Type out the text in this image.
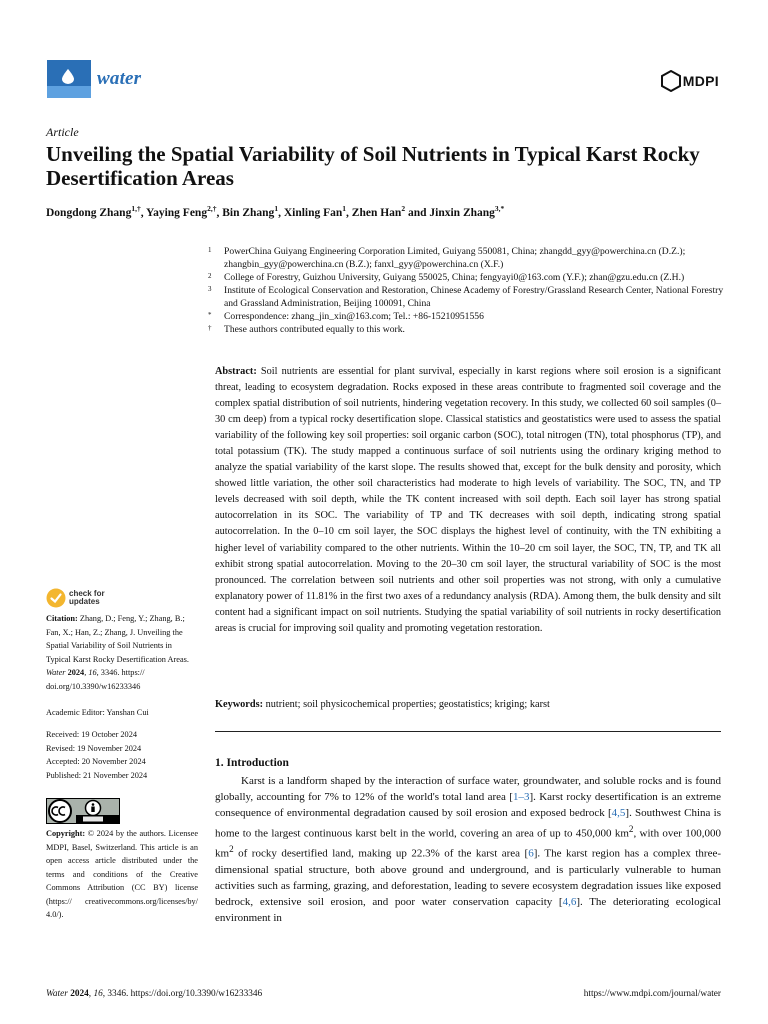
water	MDPI
Article
Unveiling the Spatial Variability of Soil Nutrients in Typical Karst Rocky Desertification Areas
Dongdong Zhang$^{1,\dagger}$, Yaying Feng$^{2,\dagger}$, Bin Zhang$^1$, Xinling Fan$^1$, Zhen Han$^2$ and Jinxin Zhang$^{3,*}$
1	PowerChina Guiyang Engineering Corporation Limited, Guiyang 550081, China; zhangdd_gyy@powerchina.cn (D.Z.); zhangbin_gyy@powerchina.cn (B.Z.); fanxl_gyy@powerchina.cn (X.F.)
2	College of Forestry, Guizhou University, Guiyang 550025, China; fengyayi0@163.com (Y.F.); zhan@gzu.edu.cn (Z.H.)
3	Institute of Ecological Conservation and Restoration, Chinese Academy of Forestry/Grassland Research Center, National Forestry and Grassland Administration, Beijing 100091, China
*	Correspondence: zhang_jin_xin@163.com; Tel.: +86-15210951556
†	These authors contributed equally to this work.
check for
updates
Citation: Zhang, D.; Feng, Y.; Zhang, B.; Fan, X.; Han, Z.; Zhang, J. Unveiling the Spatial Variability of Soil Nutrients in Typical Karst Rocky Desertification Areas. Water 2024, 16, 3346. https:// doi.org/10.3390/w16233346
Academic Editor: Yanshan Cui
Received: 19 October 2024
Revised: 19 November 2024
Accepted: 20 November 2024
Published: 21 November 2024
Copyright: © 2024 by the authors. Licensee MDPI, Basel, Switzerland. This article is an open access article distributed under the terms and conditions of the Creative Commons Attribution (CC BY) license (https:// creativecommons.org/licenses/by/ 4.0/).
Abstract: Soil nutrients are essential for plant survival, especially in karst regions where soil erosion is a significant threat, leading to ecosystem degradation. Rocks exposed in these areas contribute to fragmented soil coverage and the complex spatial distribution of soil nutrients, hindering vegetation recovery. In this study, we collected 60 soil samples (0–30 cm deep) from a typical rocky desertification slope. Classical statistics and geostatistics were used to assess the spatial variability of the following key soil properties: soil organic carbon (SOC), total nitrogen (TN), total phosphorus (TP), and total potassium (TK). The study mapped a continuous surface of soil nutrients using the ordinary kriging method to analyze the spatial variability of the karst slope. The results showed that, except for the bulk density and porosity, which showed little variation, the other soil characteristics had moderate to high levels of variability. The SOC, TN, and TP levels decreased with soil depth, while the TK content increased with soil depth. Each soil layer has strong spatial autocorrelation in its SOC. The variability of TP and TK decreases with soil depth, indicating strong spatial autocorrelation. In the 0–10 cm soil layer, the SOC displays the highest level of continuity, with the TN exhibiting a higher level of variability compared to the other nutrients. Within the 10–20 cm soil layer, the SOC, TN, TP, and TK all exhibit strong spatial autocorrelation. Moving to the 20–30 cm soil layer, the structural variability of SOC is the most pronounced. The correlation between soil nutrients and other soil properties was not strong, with only a cumulative explanatory power of 11.81% in the first two axes of a redundancy analysis (RDA). Among them, the bulk density and silt content had a significant impact on soil nutrients. Studying the spatial variability of soil nutrients in rocky desertification areas is crucial for improving soil quality and promoting vegetation restoration.
Keywords: nutrient; soil physicochemical properties; geostatistics; kriging; karst
1. Introduction
Karst is a landform shaped by the interaction of surface water, groundwater, and soluble rocks and is found globally, accounting for 7% to 12% of the world's total land area [1–3]. Karst rocky desertification is an extreme consequence of environmental degradation caused by soil erosion and exposed bedrock [4,5]. Southwest China is home to the largest continuous karst belt in the world, covering an area of up to 450,000 $km^2$, with over 100,000 $km^2$ of rocky desertified land, making up 22.3% of the karst area [6]. The karst region has a complex three-dimensional spatial structure, both above ground and underground, and is particularly vulnerable to human activities such as farming, grazing, and deforestation, leading to severe ecosystem degradation issues like exposed bedrock, extensive soil erosion, and poor water conservation capacity [4,6]. The deteriorating ecological environment in
Water 2024, 16, 3346. https://doi.org/10.3390/w16233346	https://www.mdpi.com/journal/water
